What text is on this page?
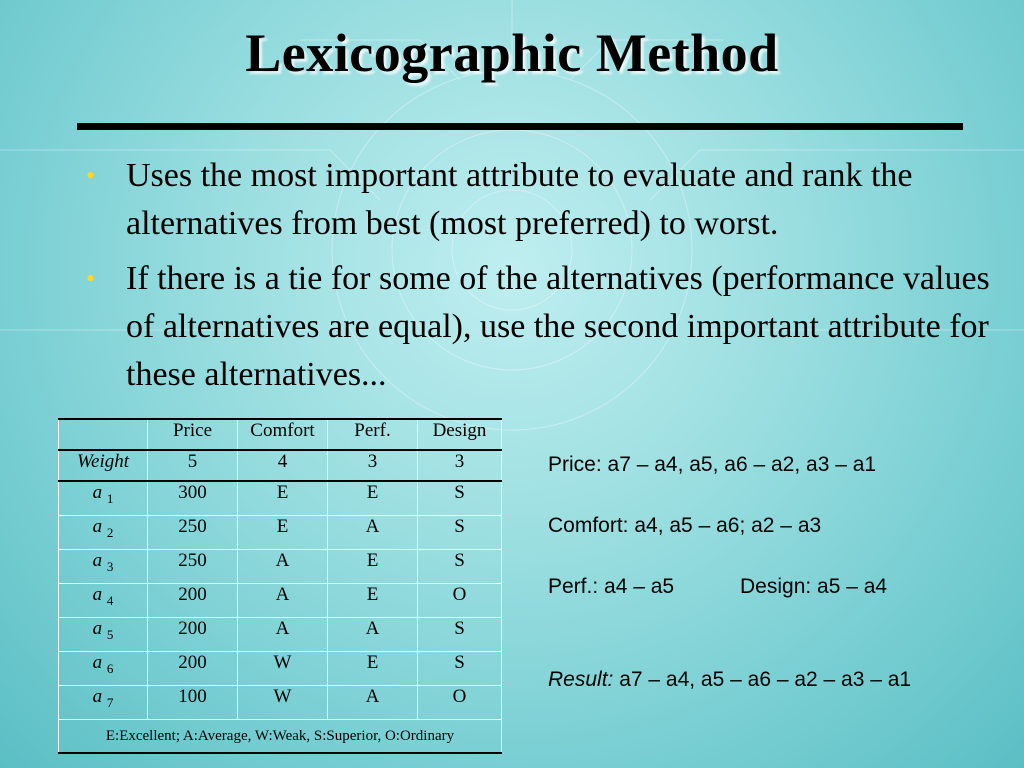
Lexicographic Method
• Uses the most important attribute to evaluate and rank the alternatives from best (most preferred) to worst.
• If there is a tie for some of the alternatives (performance values of alternatives are equal), use the second important attribute for these alternatives...
	Price	Comfort	Perf.	Design
Weight	5	4	3	3
a $_1$	300	E	E	S
a $_2$	250	E	A	S
a $_3$	250	A	E	S
a $_4$	200	A	E	O
a $_5$	200	A	A	S
a $_6$	200	W	E	S
a $_7$	100	W	A	O
E:Excellent; A:Average, W:Weak, S:Superior, O:Ordinary				
Price: a7 – a4, a5, a6 – a2, a3 – a1
Comfort: a4, a5 – a6; a2 – a3
Perf.: a4 – a5	Design: a5 – a4
Result: a7 – a4, a5 – a6 – a2 – a3 – a1
